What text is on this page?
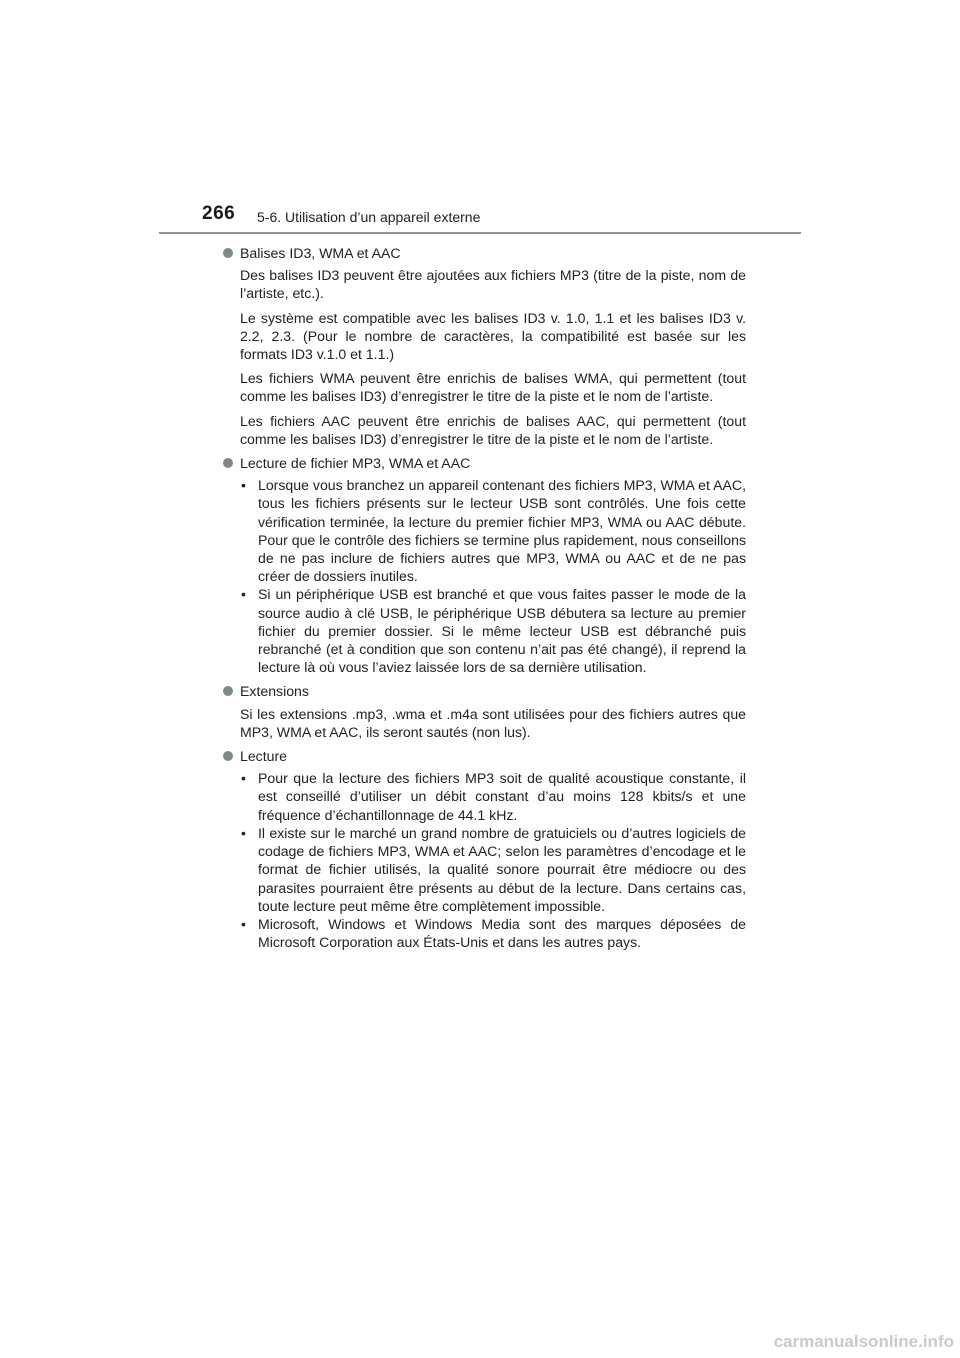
266 5-6. Utilisation d’un appareil externe
Balises ID3, WMA et AAC

Des balises ID3 peuvent être ajoutées aux fichiers MP3 (titre de la piste, nom de l’artiste, etc.).

Le système est compatible avec les balises ID3 v. 1.0, 1.1 et les balises ID3 v. 2.2, 2.3. (Pour le nombre de caractères, la compatibilité est basée sur les formats ID3 v.1.0 et 1.1.)

Les fichiers WMA peuvent être enrichis de balises WMA, qui permettent (tout comme les balises ID3) d’enregistrer le titre de la piste et le nom de l’artiste.

Les fichiers AAC peuvent être enrichis de balises AAC, qui permettent (tout comme les balises ID3) d’enregistrer le titre de la piste et le nom de l’artiste.

Lecture de fichier MP3, WMA et AAC
• Lorsque vous branchez un appareil contenant des fichiers MP3, WMA et AAC, tous les fichiers présents sur le lecteur USB sont contrôlés. Une fois cette vérification terminée, la lecture du premier fichier MP3, WMA ou AAC débute. Pour que le contrôle des fichiers se termine plus rapidement, nous conseillons de ne pas inclure de fichiers autres que MP3, WMA ou AAC et de ne pas créer de dossiers inutiles.
• Si un périphérique USB est branché et que vous faites passer le mode de la source audio à clé USB, le périphérique USB débutera sa lecture au premier fichier du premier dossier. Si le même lecteur USB est débranché puis rebranché (et à condition que son contenu n’ait pas été changé), il reprend la lecture là où vous l’aviez laissée lors de sa dernière utilisation.
Extensions

Si les extensions .mp3, .wma et .m4a sont utilisées pour des fichiers autres que MP3, WMA et AAC, ils seront sautés (non lus).

Lecture
• Pour que la lecture des fichiers MP3 soit de qualité acoustique constante, il est conseillé d’utiliser un débit constant d’au moins 128 kbits/s et une fréquence d’échantillonnage de 44.1 kHz.
• Il existe sur le marché un grand nombre de gratuiciels ou d’autres logiciels de codage de fichiers MP3, WMA et AAC; selon les paramètres d’encodage et le format de fichier utilisés, la qualité sonore pourrait être médiocre ou des parasites pourraient être présents au début de la lecture. Dans certains cas, toute lecture peut même être complètement impossible.
• Microsoft, Windows et Windows Media sont des marques déposées de Microsoft Corporation aux États-Unis et dans les autres pays.
carmanualsonline.info
